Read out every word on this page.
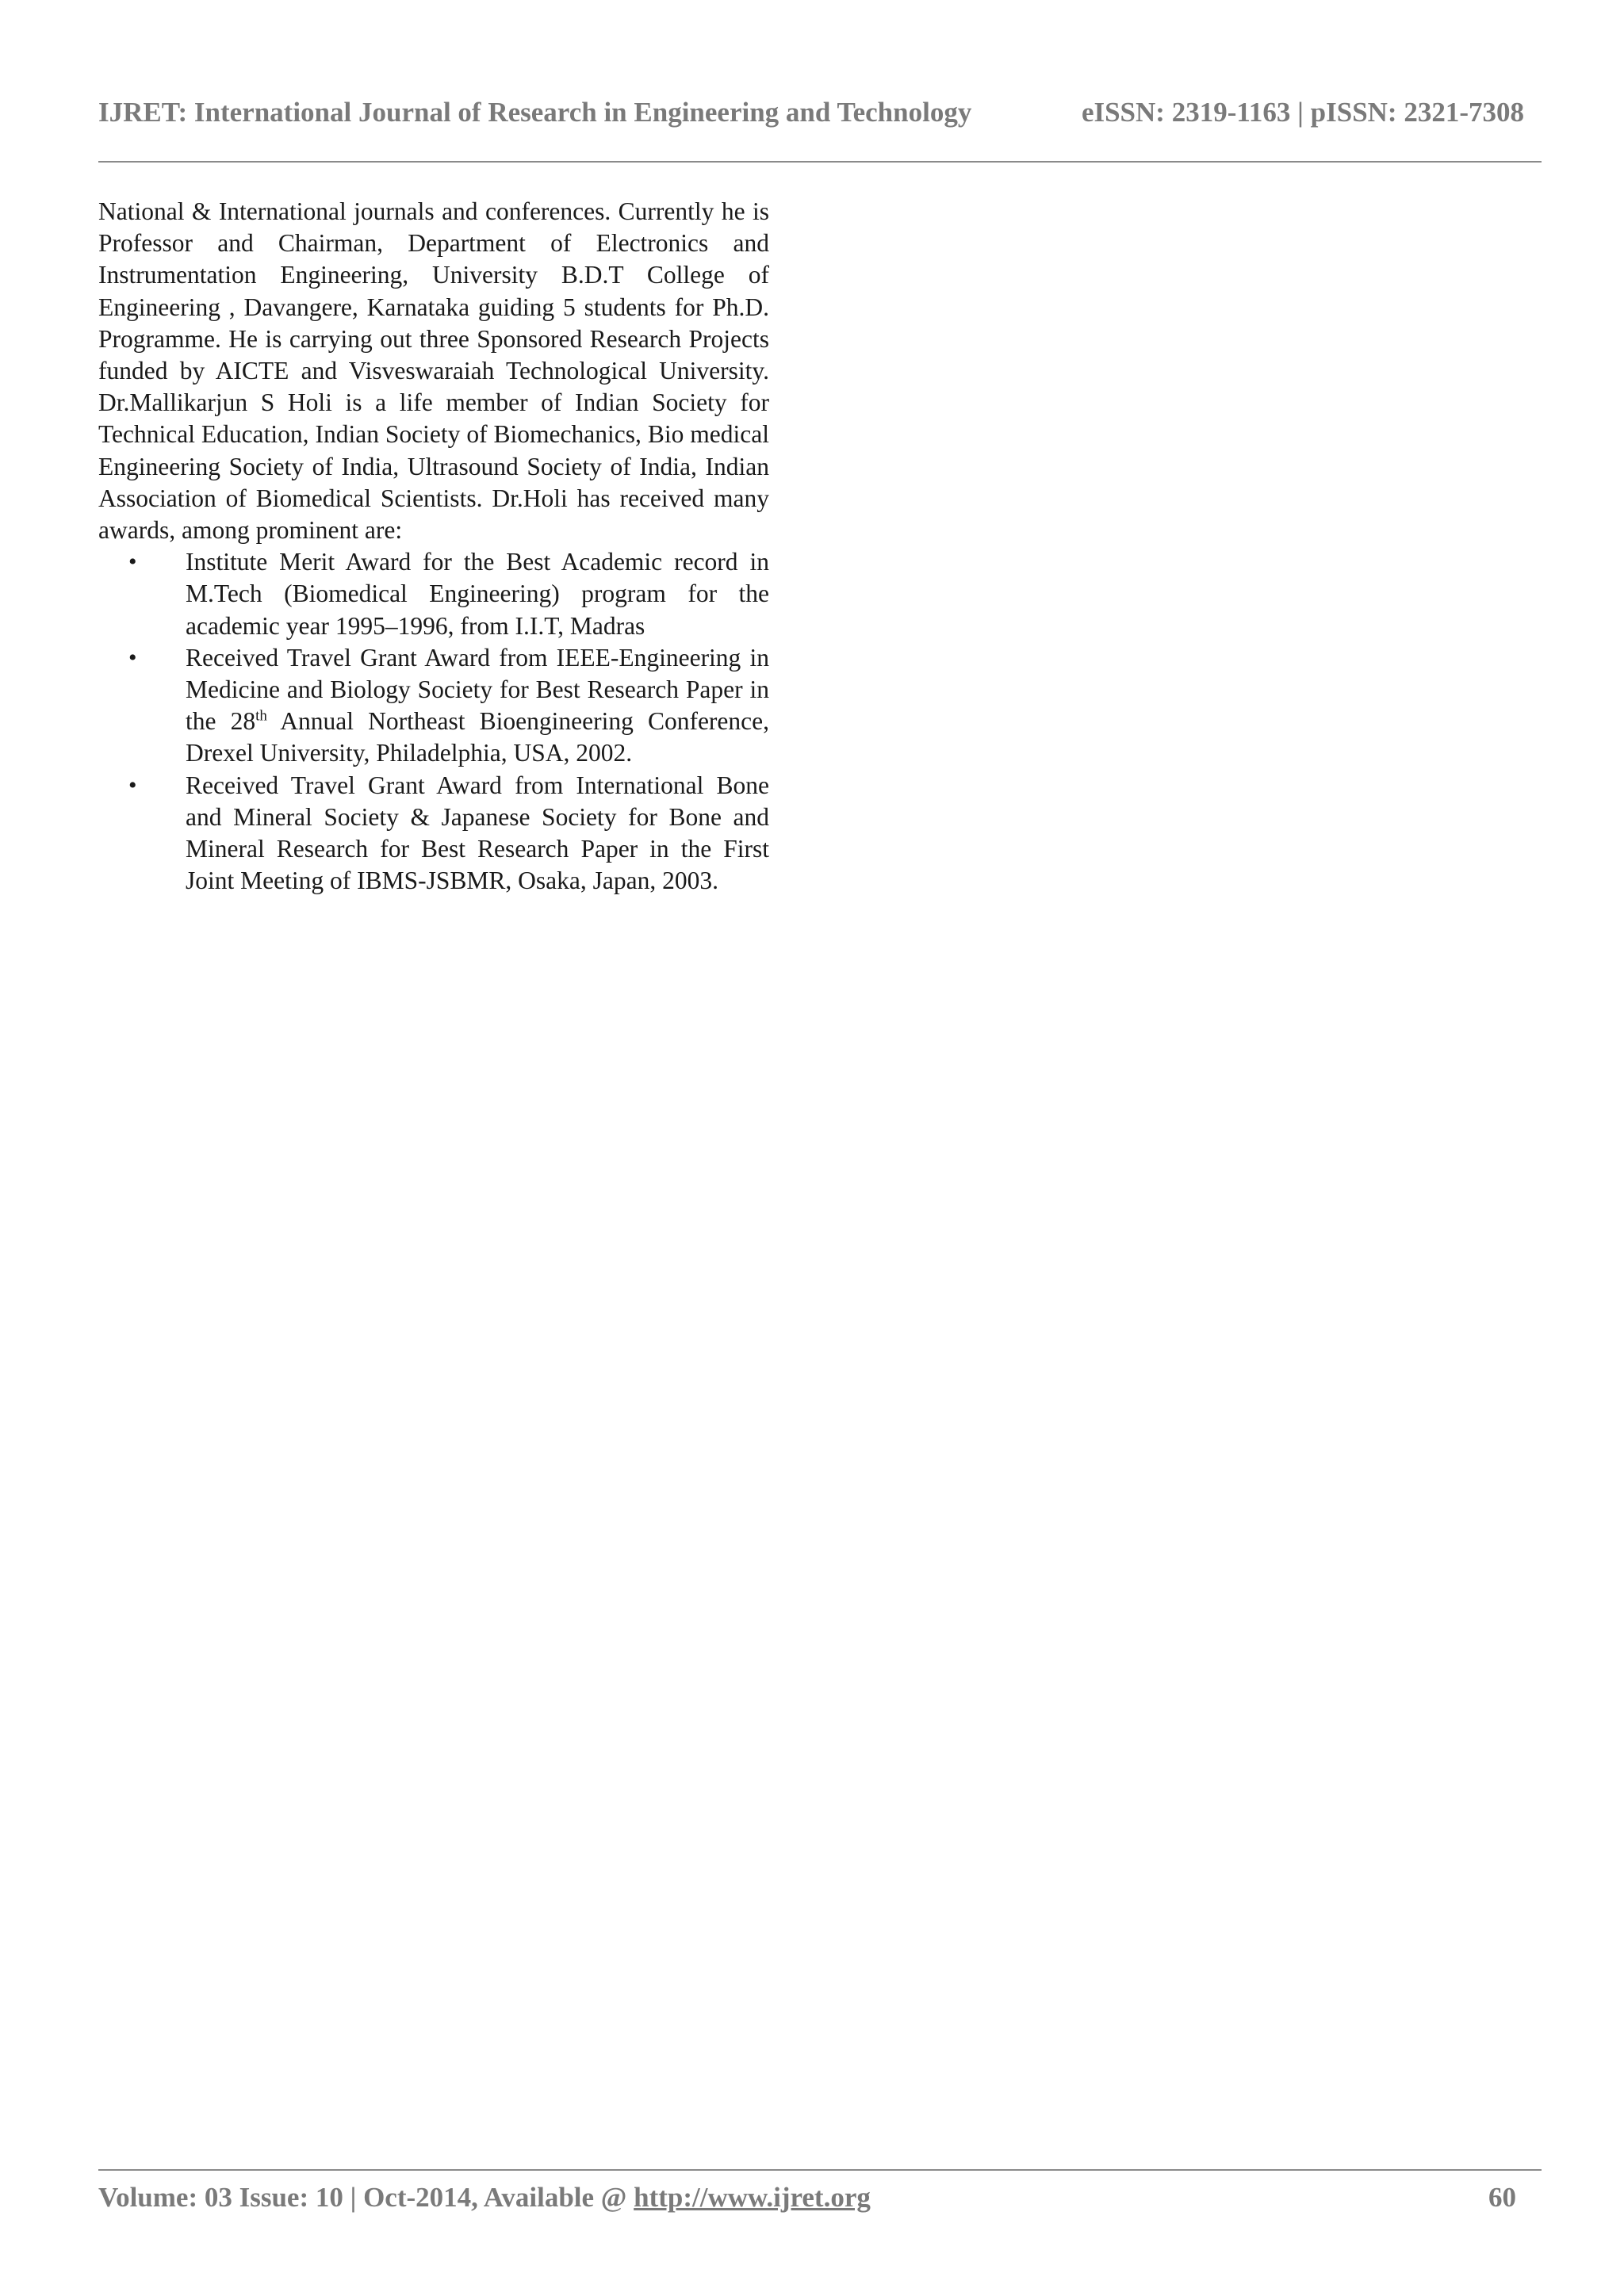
IJRET: International Journal of Research in Engineering and Technology	eISSN: 2319-1163 | pISSN: 2321-7308

National & International journals and conferences. Currently he is Professor and Chairman, Department of Electronics and Instrumentation Engineering, University B.D.T College of Engineering , Davangere, Karnataka guiding 5 students for Ph.D. Programme. He is carrying out three Sponsored Research Projects funded by AICTE and Visveswaraiah Technological University. Dr.Mallikarjun S Holi is a life member of Indian Society for Technical Education, Indian Society of Biomechanics, Bio medical Engineering Society of India, Ultrasound Society of India, Indian Association of Biomedical Scientists. Dr.Holi has received many awards, among prominent are:

• Institute Merit Award for the Best Academic record in M.Tech (Biomedical Engineering) program for the academic year 1995–1996, from I.I.T, Madras
• Received Travel Grant Award from IEEE-Engineering in Medicine and Biology Society for Best Research Paper in the 28th Annual Northeast Bioengineering Conference, Drexel University, Philadelphia, USA, 2002.
• Received Travel Grant Award from International Bone and Mineral Society & Japanese Society for Bone and Mineral Research for Best Research Paper in the First Joint Meeting of IBMS-JSBMR, Osaka, Japan, 2003.
Volume: 03 Issue: 10 | Oct-2014, Available @ http://www.ijret.org	60
